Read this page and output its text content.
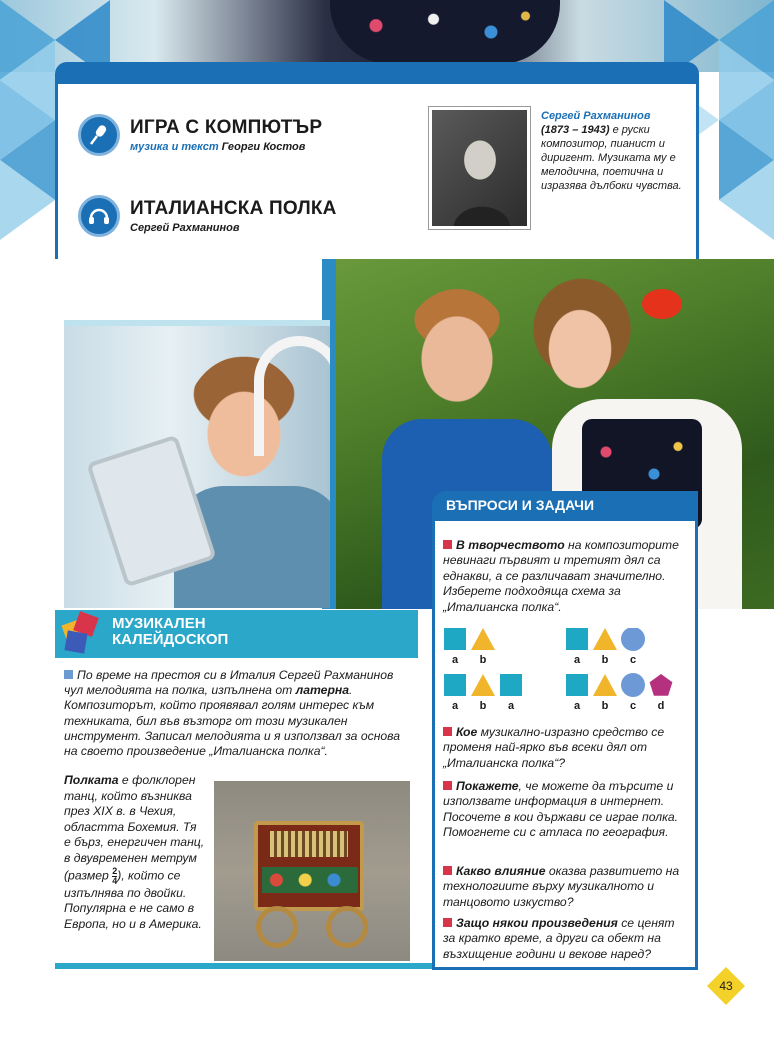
ИГРА С КОМПЮТЪР
музика и текст Георги Костов
ИТАЛИАНСКА ПОЛКА
Сергей Рахманинов
Сергей Рахманинов
(1873 – 1943) е руски композитор, пианист и диригент. Музиката му е мелодична, поетична и изразява дълбоки чувства.
МУЗИКАЛЕН
КАЛЕЙДОСКОП
По време на престоя си в Италия Сергей Рахманинов чул мелодията на полка, изпълнена от латерна. Композиторът, който проявявал голям интерес към техниката, бил във възторг от този музикален инструмент. Записал мелодията и я използвал за основа на своето произведение „Италианска полка“.
Полката е фолклорен танц, който възниква през XIX в. в Чехия, областта Бохемия. Тя е бърз, енергичен танц, в двувременен метрум (размер $\frac{2}{4}$ ), който се изпълнява по двойки. Популярна е не само в Европа, но и в Америка.
ВЪПРОСИ И ЗАДАЧИ
В творчеството на композиторите невинаги първият и третият дял са еднакви, а се различават значително. Изберете подходяща схема за „Италианска полка“.
a b	a b c
a b a	a b c d
Кое музикално-изразно средство се променя най-ярко във всеки дял от „Италианска полка“?
Покажете, че можете да търсите и използвате информация в интернет. Посочете в кои държави се играе полка. Помогнете си с атласа по география.
Какво влияние оказва развитието на технологиите върху музикалното и танцовото изкуство?
Защо някои произведения се ценят за кратко време, а други са обект на възхищение години и векове наред?
43
